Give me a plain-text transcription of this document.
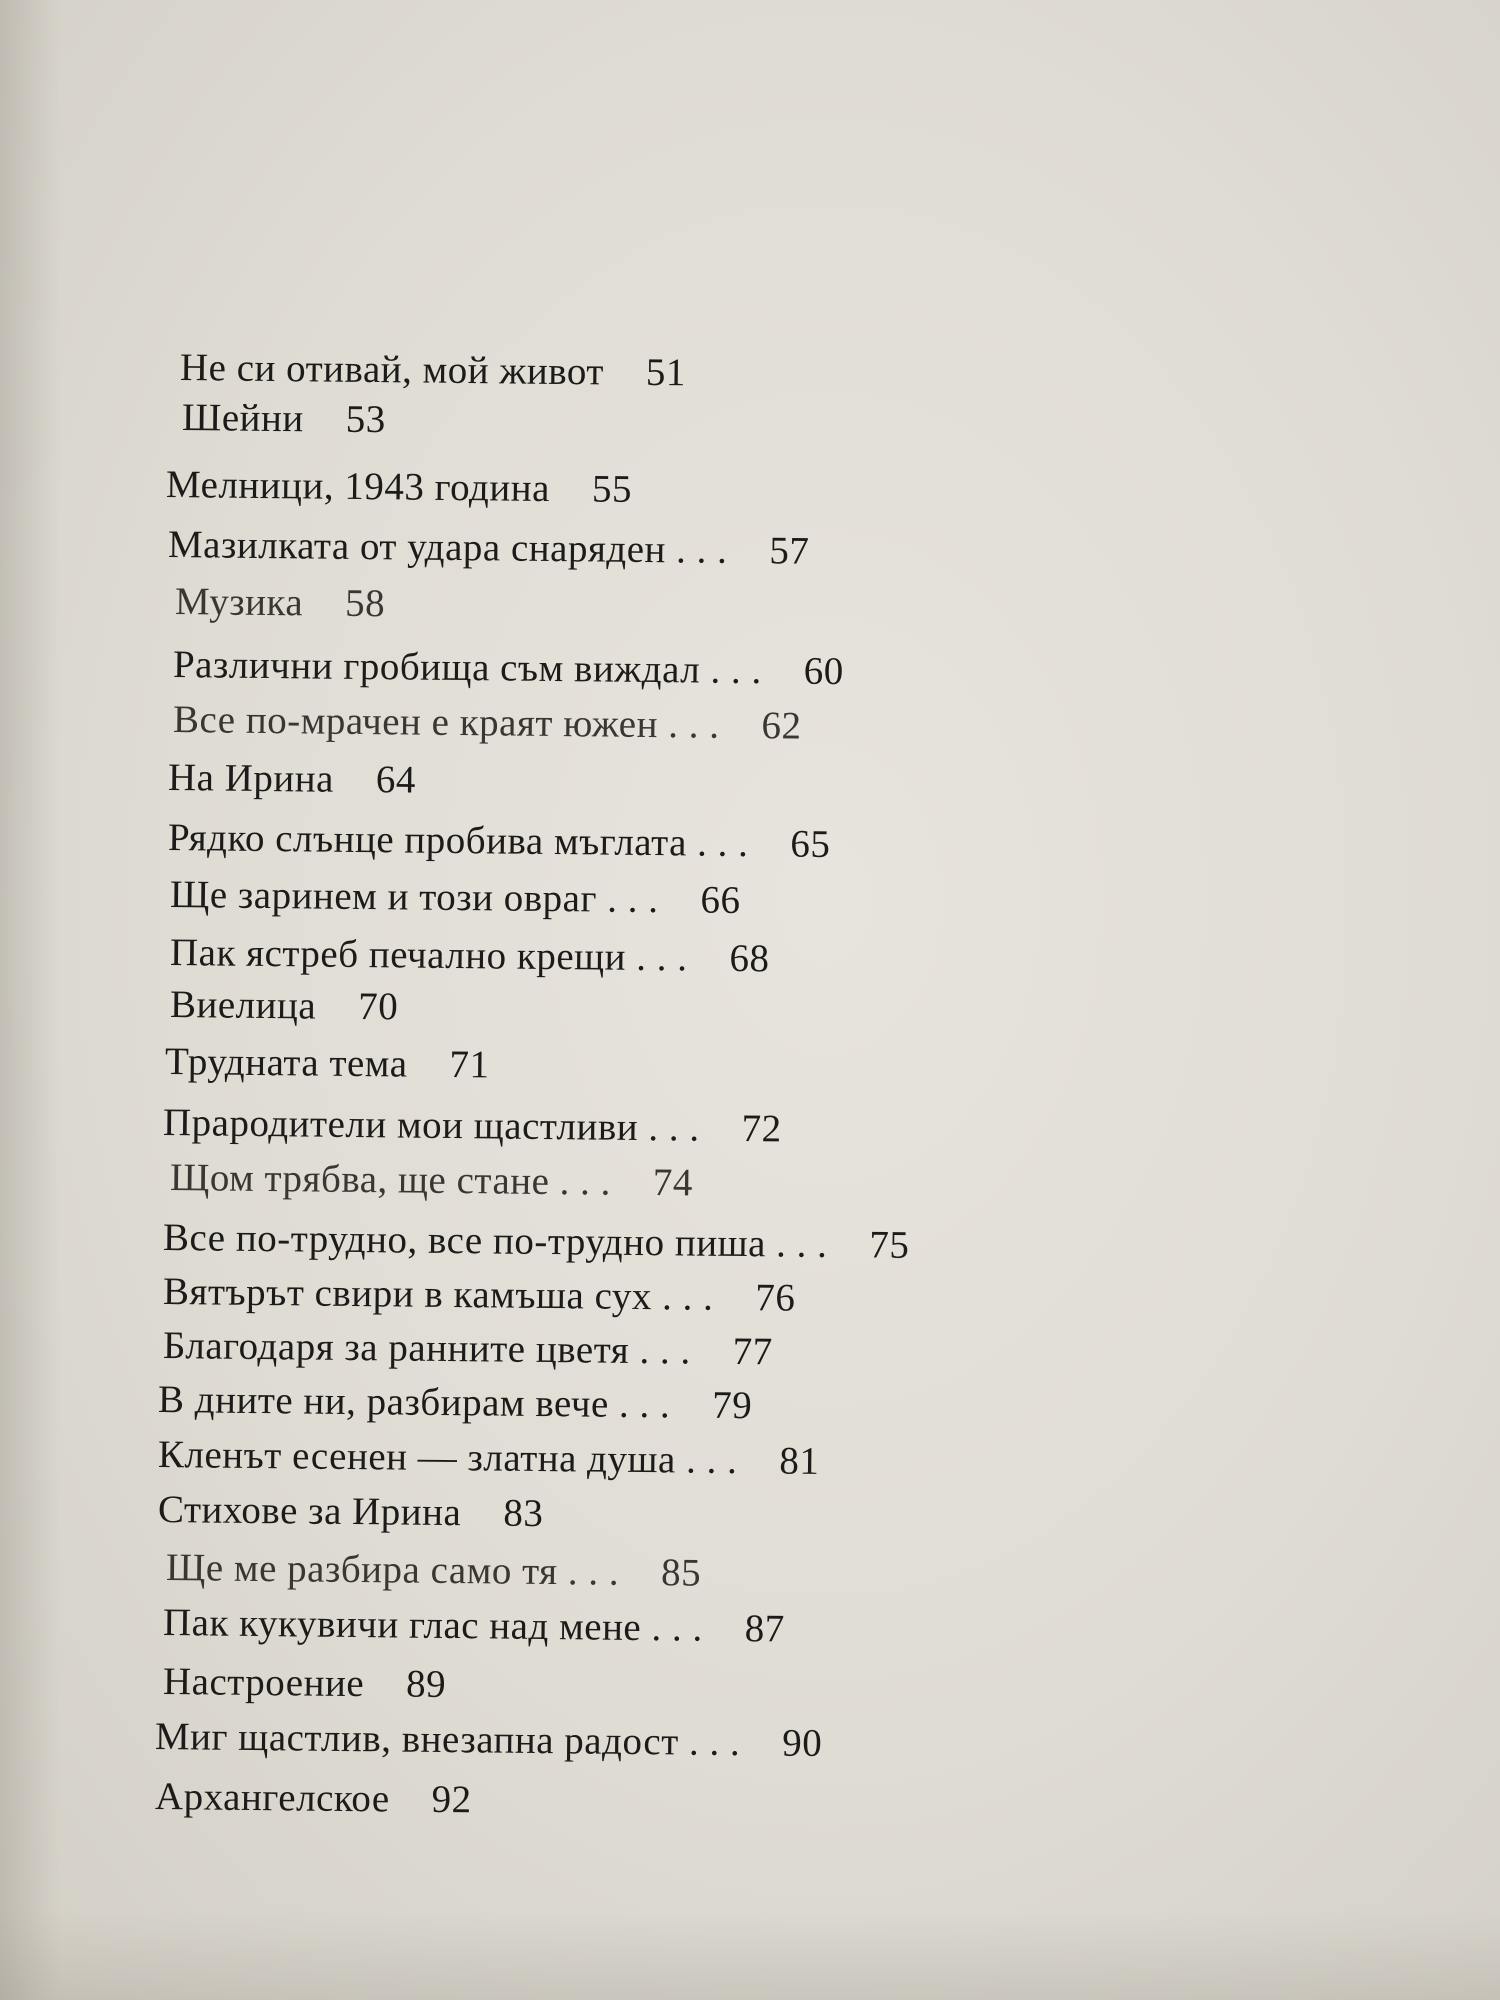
Не си отивай, мой живот 51
Шейни 53
Мелници, 1943 година 55
Мазилката от удара снаряден . . . 57
Музика 58
Различни гробища съм виждал . . . 60
Все по-мрачен е краят южен . . . 62
На Ирина 64
Рядко слънце пробива мъглата . . . 65
Ще заринем и този овраг . . . 66
Пак ястреб печално крещи . . . 68
Виелица 70
Трудната тема 71
Прародители мои щастливи . . . 72
Щом трябва, ще стане . . . 74
Все по-трудно, все по-трудно пиша . . . 75
Вятърът свири в камъша сух . . . 76
Благодаря за ранните цветя . . . 77
В дните ни, разбирам вече . . . 79
Кленът есенен — златна душа . . . 81
Стихове за Ирина 83
Ще ме разбира само тя . . . 85
Пак кукувичи глас над мене . . . 87
Настроение 89
Миг щастлив, внезапна радост . . . 90
Архангелское 92
